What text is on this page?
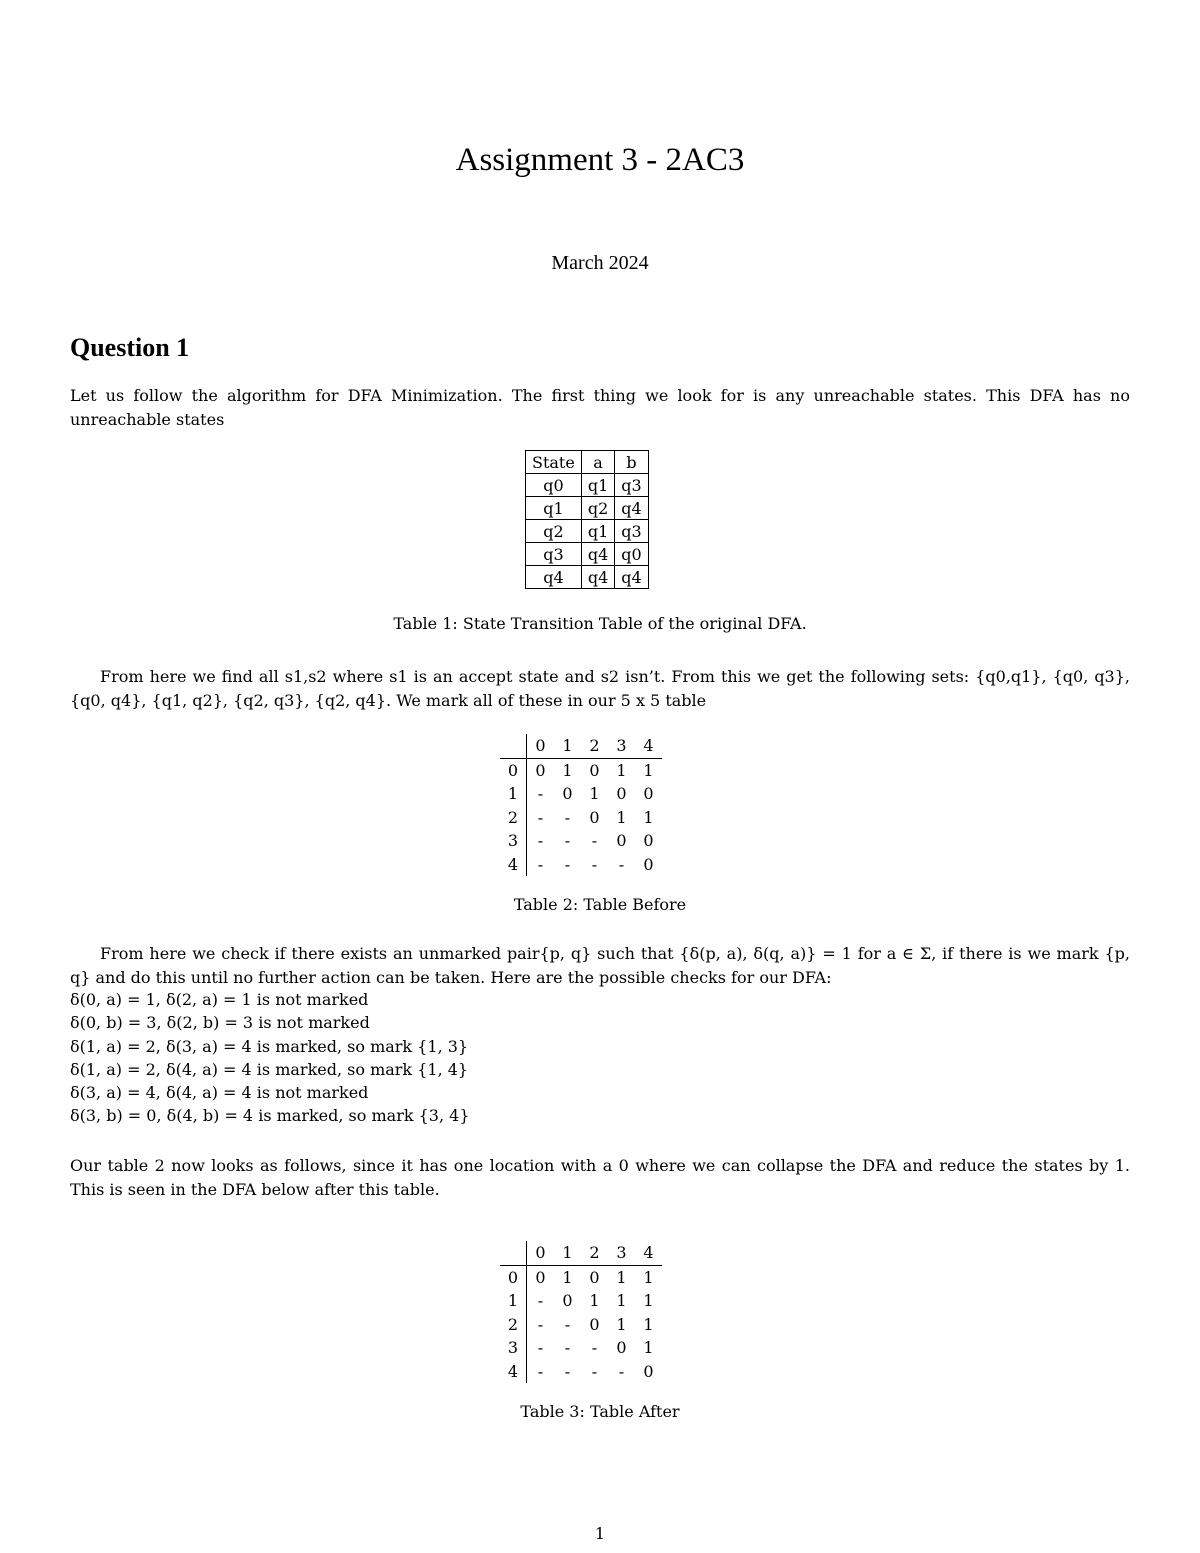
Assignment 3 - 2AC3
March 2024
Question 1
Let us follow the algorithm for DFA Minimization. The first thing we look for is any unreachable states. This DFA has no unreachable states
State	a	b
q0	q1	q3
q1	q2	q4
q2	q1	q3
q3	q4	q0
q4	q4	q4
Table 1: State Transition Table of the original DFA.
From here we find all s1,s2 where s1 is an accept state and s2 isn’t. From this we get the following sets: {q0,q1}, {q0, q3}, {q0, q4}, {q1, q2}, {q2, q3}, {q2, q4}. We mark all of these in our 5 x 5 table
	0	1	2	3	4
0	0	1	0	1	1
1	-	0	1	0	0
2	-	-	0	1	1
3	-	-	-	0	0
4	-	-	-	-	0
Table 2: Table Before
From here we check if there exists an unmarked pair{p, q} such that {δ(p, a), δ(q, a)} = 1 for a ∈ Σ, if there is we mark {p, q} and do this until no further action can be taken. Here are the possible checks for our DFA:
δ(0, a) = 1, δ(2, a) = 1 is not marked
δ(0, b) = 3, δ(2, b) = 3 is not marked
δ(1, a) = 2, δ(3, a) = 4 is marked, so mark {1, 3}
δ(1, a) = 2, δ(4, a) = 4 is marked, so mark {1, 4}
δ(3, a) = 4, δ(4, a) = 4 is not marked
δ(3, b) = 0, δ(4, b) = 4 is marked, so mark {3, 4}
Our table 2 now looks as follows, since it has one location with a 0 where we can collapse the DFA and reduce the states by 1. This is seen in the DFA below after this table.
	0	1	2	3	4
0	0	1	0	1	1
1	-	0	1	1	1
2	-	-	0	1	1
3	-	-	-	0	1
4	-	-	-	-	0
Table 3: Table After
1
